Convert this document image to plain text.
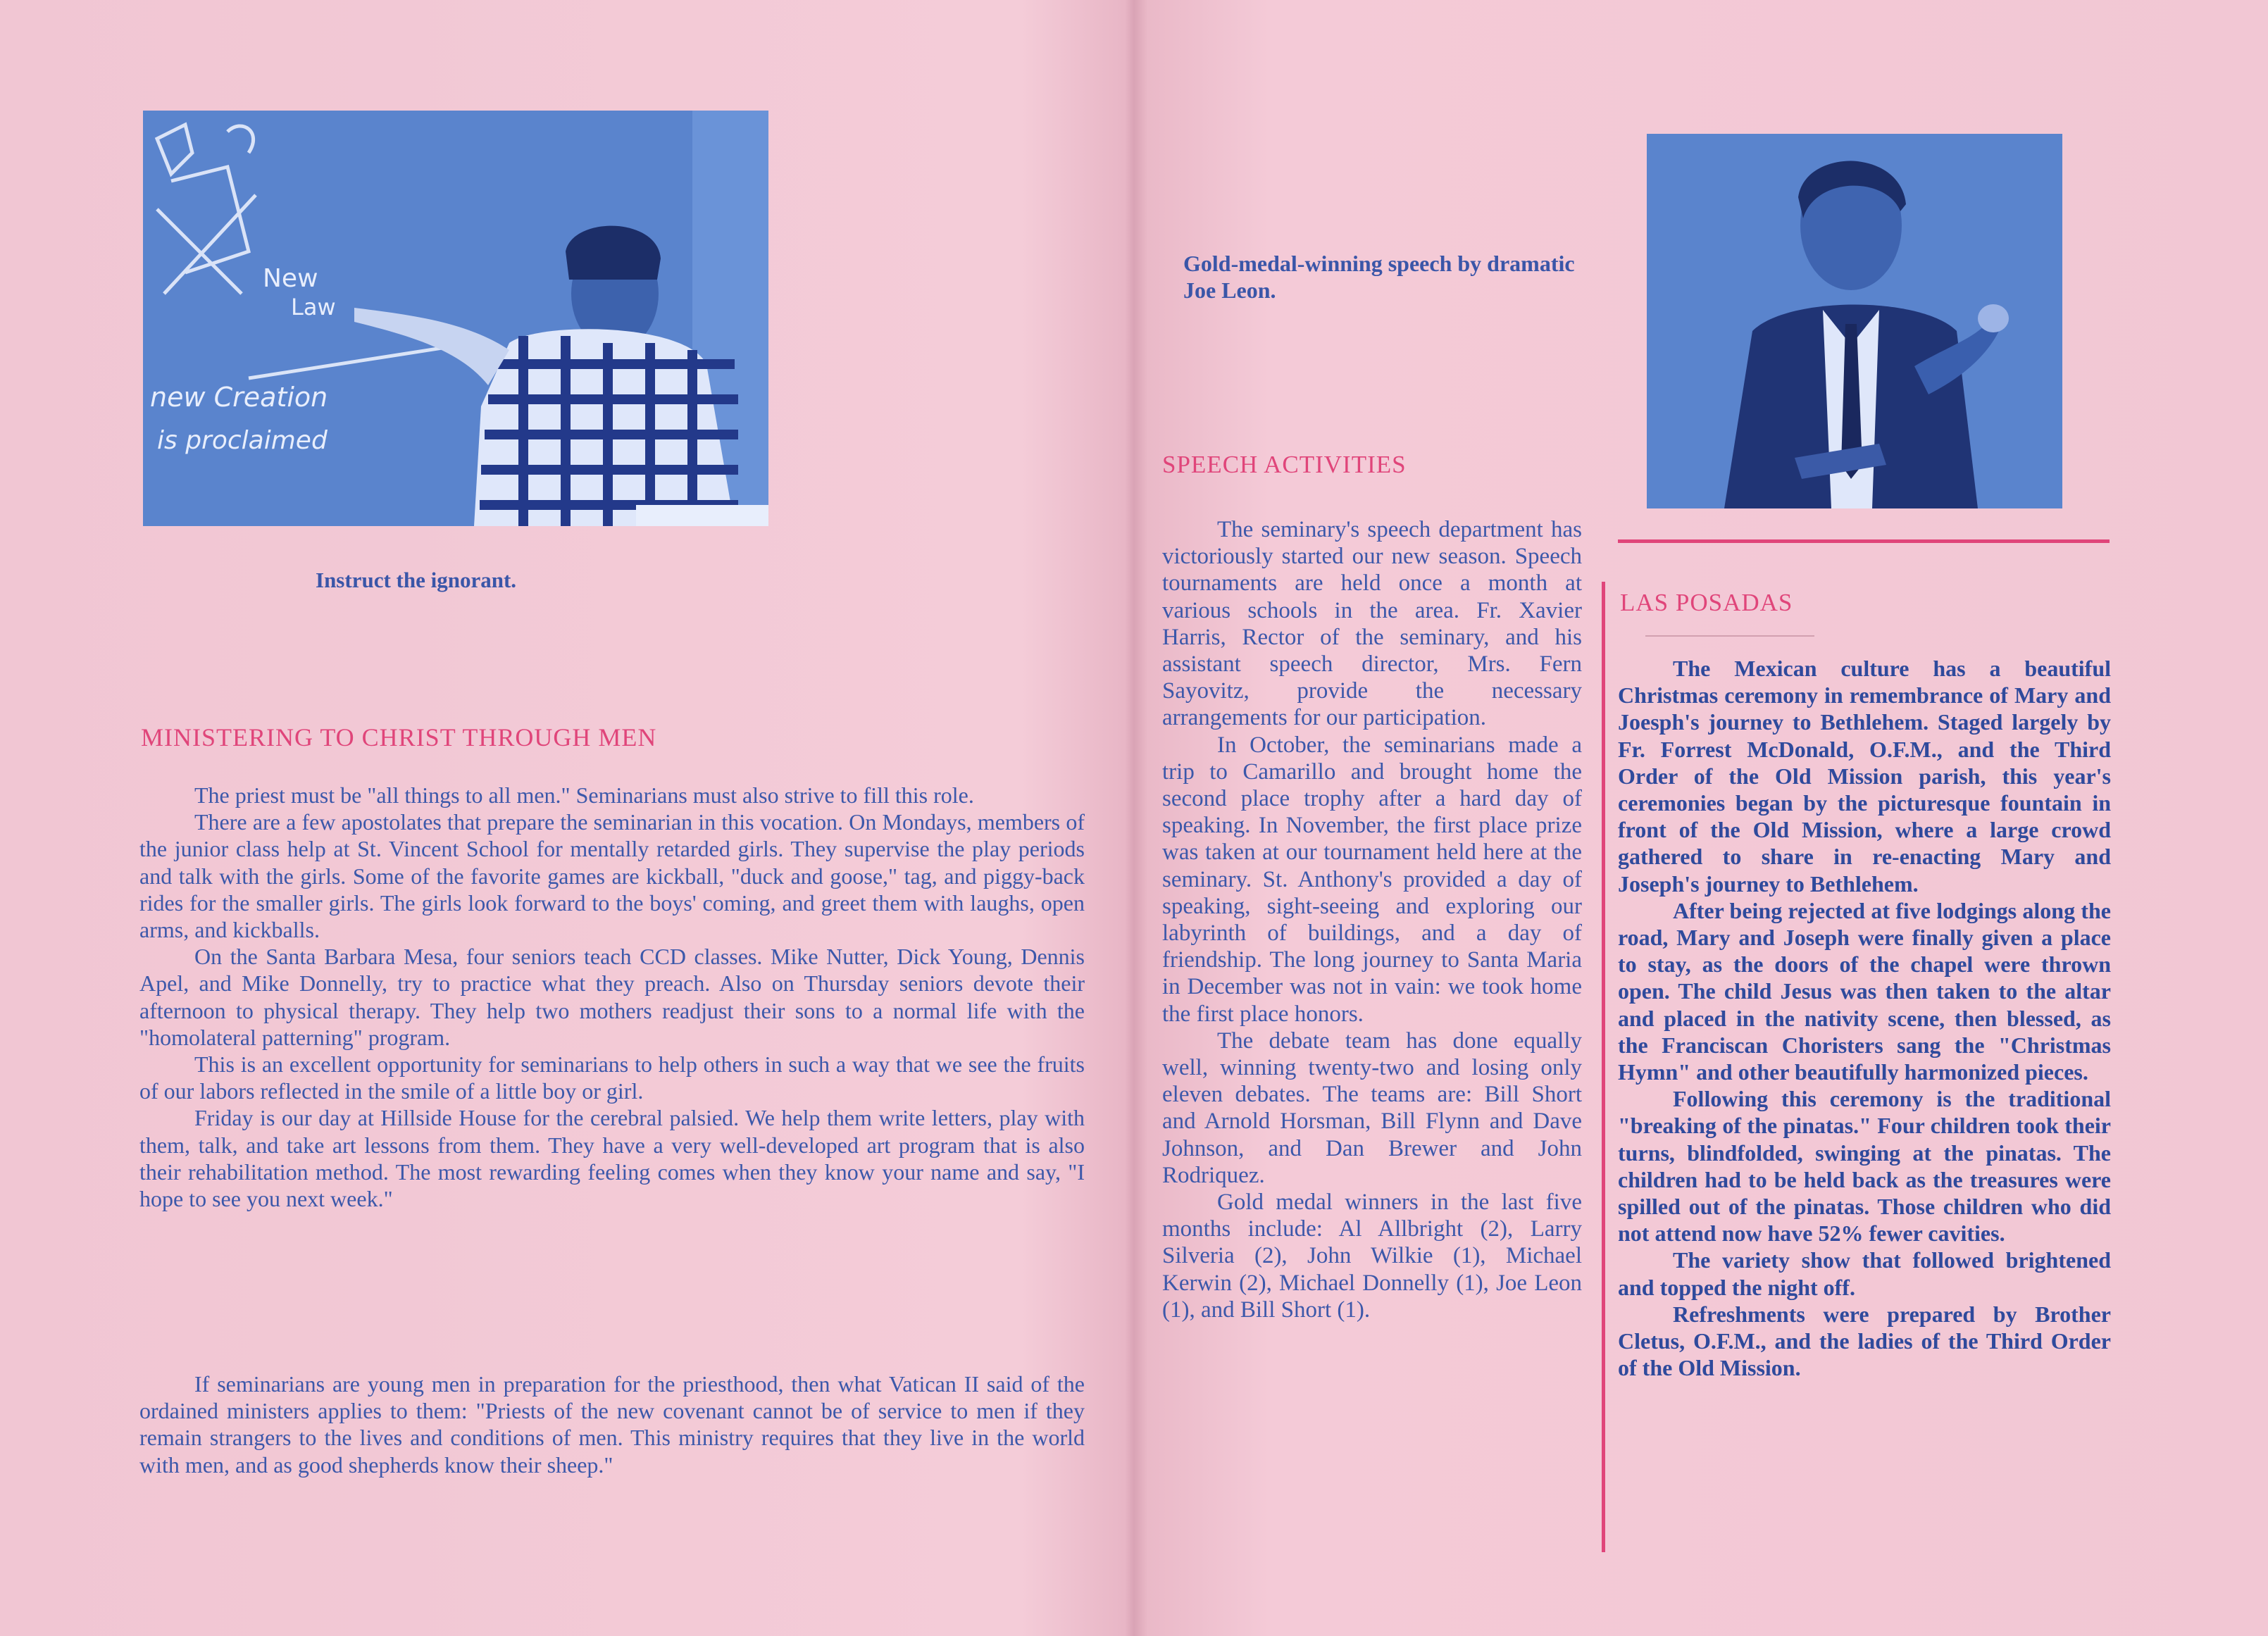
New
Law
new Creation
is proclaimed
Instruct the ignorant.
MINISTERING TO CHRIST THROUGH MEN

The priest must be "all things to all men." Seminarians must also strive to fill this role.

There are a few apostolates that prepare the seminarian in this vocation. On Mondays, members of the junior class help at St. Vincent School for mentally retarded girls. They supervise the play periods and talk with the girls. Some of the favorite games are kickball, "duck and goose," tag, and piggy-back rides for the smaller girls. The girls look forward to the boys' coming, and greet them with laughs, open arms, and kickballs.

On the Santa Barbara Mesa, four seniors teach CCD classes. Mike Nutter, Dick Young, Dennis Apel, and Mike Donnelly, try to practice what they preach. Also on Thursday seniors devote their afternoon to physical therapy. They help two mothers readjust their sons to a normal life with the "homolateral patterning" program.

This is an excellent opportunity for seminarians to help others in such a way that we see the fruits of our labors reflected in the smile of a little boy or girl.

Friday is our day at Hillside House for the cerebral palsied. We help them write letters, play with them, talk, and take art lessons from them. They have a very well-developed art program that is also their rehabilitation method. The most rewarding feeling comes when they know your name and say, "I hope to see you next week."

If seminarians are young men in preparation for the priesthood, then what Vatican II said of the ordained ministers applies to them: "Priests of the new covenant cannot be of service to men if they remain strangers to the lives and conditions of men. This ministry requires that they live in the world with men, and as good shepherds know their sheep."

Gold-medal-winning speech by dramatic Joe Leon.
SPEECH ACTIVITIES

The seminary's speech department has victoriously started our new season. Speech tournaments are held once a month at various schools in the area. Fr. Xavier Harris, Rector of the seminary, and his assistant speech director, Mrs. Fern Sayovitz, provide the necessary arrangements for our participation.

In October, the seminarians made a trip to Camarillo and brought home the second place trophy after a hard day of speaking. In November, the first place prize was taken at our tournament held here at the seminary. St. Anthony's provided a day of speaking, sight-seeing and exploring our labyrinth of buildings, and a day of friendship. The long journey to Santa Maria in December was not in vain: we took home the first place honors.

The debate team has done equally well, winning twenty-two and losing only eleven debates. The teams are: Bill Short and Arnold Horsman, Bill Flynn and Dave Johnson, and Dan Brewer and John Rodriquez.

Gold medal winners in the last five months include: Al Allbright (2), Larry Silveria (2), John Wilkie (1), Michael Kerwin (2), Michael Donnelly (1), Joe Leon (1), and Bill Short (1).

LAS POSADAS

The Mexican culture has a beautiful Christmas ceremony in remembrance of Mary and Joesph's journey to Bethlehem. Staged largely by Fr. Forrest McDonald, O.F.M., and the Third Order of the Old Mission parish, this year's ceremonies began by the picturesque fountain in front of the Old Mission, where a large crowd gathered to share in re-enacting Mary and Joseph's journey to Bethlehem.

After being rejected at five lodgings along the road, Mary and Joseph were finally given a place to stay, as the doors of the chapel were thrown open. The child Jesus was then taken to the altar and placed in the nativity scene, then blessed, as the Franciscan Choristers sang the "Christmas Hymn" and other beautifully harmonized pieces.

Following this ceremony is the traditional "breaking of the pinatas." Four children took their turns, blindfolded, swinging at the pinatas. The children had to be held back as the treasures were spilled out of the pinatas. Those children who did not attend now have 52% fewer cavities.

The variety show that followed brightened and topped the night off.

Refreshments were prepared by Brother Cletus, O.F.M., and the ladies of the Third Order of the Old Mission.
